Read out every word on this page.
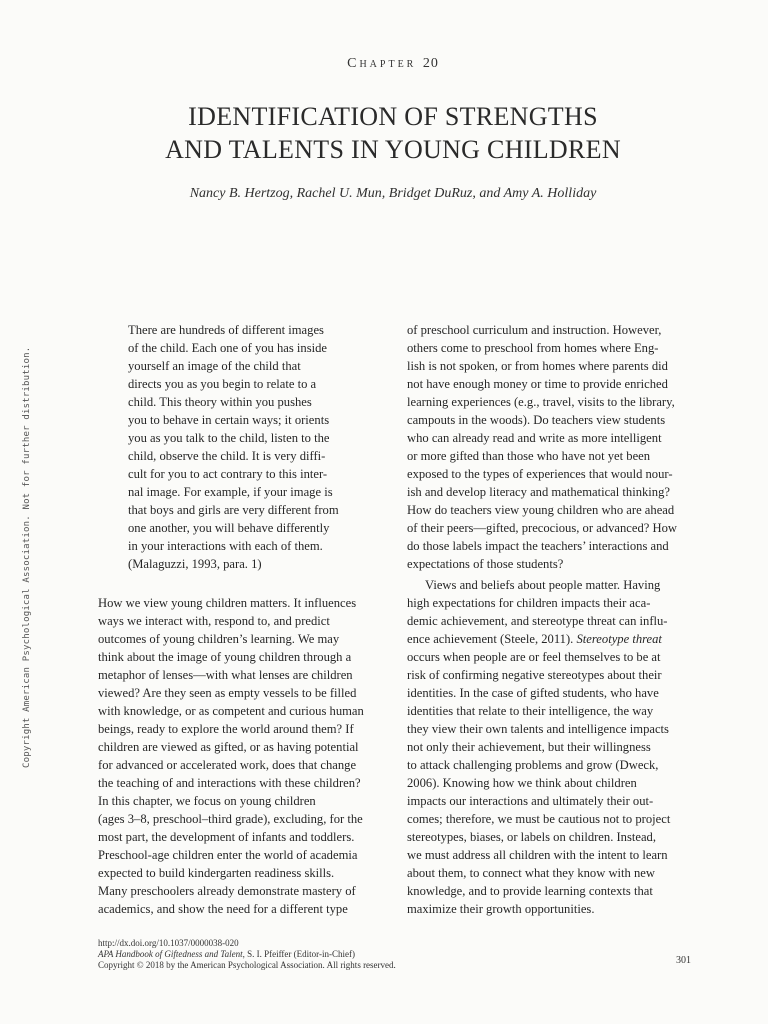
Chapter 20
IDENTIFICATION OF STRENGTHS
AND TALENTS IN YOUNG CHILDREN
Nancy B. Hertzog, Rachel U. Mun, Bridget DuRuz, and Amy A. Holliday
Copyright American Psychological Association. Not for further distribution.
There are hundreds of different images
of the child. Each one of you has inside
yourself an image of the child that
directs you as you begin to relate to a
child. This theory within you pushes
you to behave in certain ways; it orients
you as you talk to the child, listen to the
child, observe the child. It is very diffi-
cult for you to act contrary to this inter-
nal image. For example, if your image is
that boys and girls are very different from
one another, you will behave differently
in your interactions with each of them.
(Malaguzzi, 1993, para. 1)
How we view young children matters. It influences
ways we interact with, respond to, and predict
outcomes of young children’s learning. We may
think about the image of young children through a
metaphor of lenses—with what lenses are children
viewed? Are they seen as empty vessels to be filled
with knowledge, or as competent and curious human
beings, ready to explore the world around them? If
children are viewed as gifted, or as having potential
for advanced or accelerated work, does that change
the teaching of and interactions with these children?
In this chapter, we focus on young children
(ages 3–8, preschool–third grade), excluding, for the
most part, the development of infants and toddlers.
Preschool-age children enter the world of academia
expected to build kindergarten readiness skills.
Many preschoolers already demonstrate mastery of
academics, and show the need for a different type
of preschool curriculum and instruction. However,
others come to preschool from homes where Eng-
lish is not spoken, or from homes where parents did
not have enough money or time to provide enriched
learning experiences (e.g., travel, visits to the library,
campouts in the woods). Do teachers view students
who can already read and write as more intelligent
or more gifted than those who have not yet been
exposed to the types of experiences that would nour-
ish and develop literacy and mathematical thinking?
How do teachers view young children who are ahead
of their peers—gifted, precocious, or advanced? How
do those labels impact the teachers’ interactions and
expectations of those students?
Views and beliefs about people matter. Having
high expectations for children impacts their aca-
demic achievement, and stereotype threat can influ-
ence achievement (Steele, 2011). Stereotype threat
occurs when people are or feel themselves to be at
risk of confirming negative stereotypes about their
identities. In the case of gifted students, who have
identities that relate to their intelligence, the way
they view their own talents and intelligence impacts
not only their achievement, but their willingness
to attack challenging problems and grow (Dweck,
2006). Knowing how we think about children
impacts our interactions and ultimately their out-
comes; therefore, we must be cautious not to project
stereotypes, biases, or labels on children. Instead,
we must address all children with the intent to learn
about them, to connect what they know with new
knowledge, and to provide learning contexts that
maximize their growth opportunities.
http://dx.doi.org/10.1037/0000038-020
APA Handbook of Giftedness and Talent, S. I. Pfeiffer (Editor-in-Chief)
Copyright © 2018 by the American Psychological Association. All rights reserved.	301
